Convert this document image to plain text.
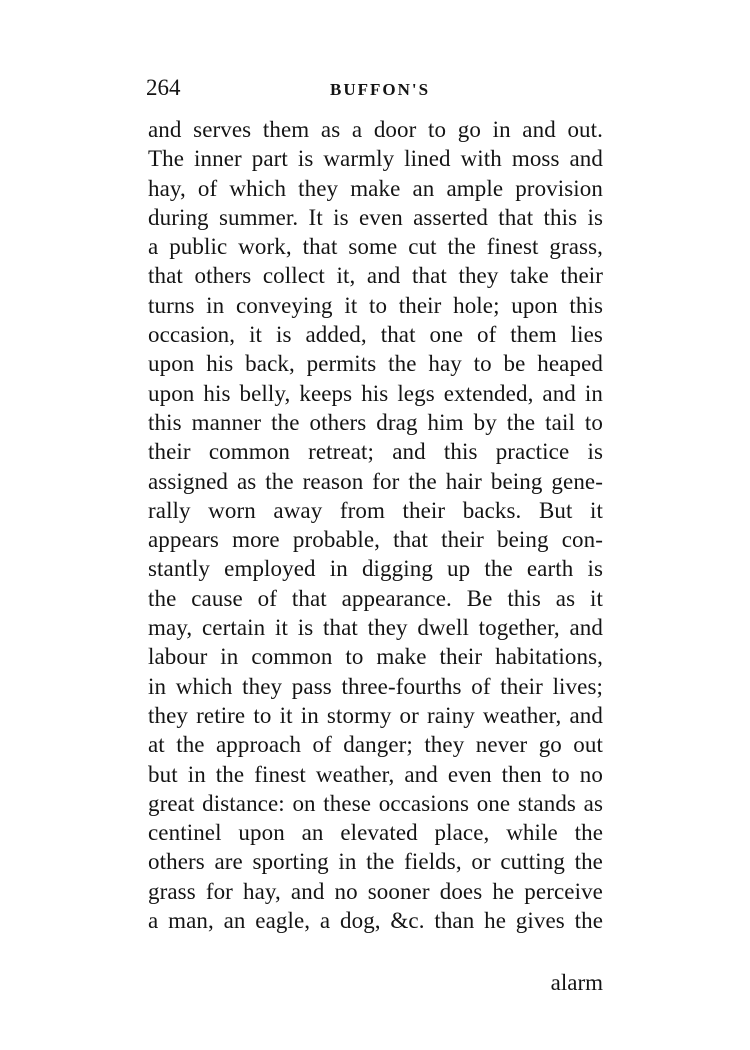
264	BUFFON'S
and serves them as a door to go in and out.
The inner part is warmly lined with moss and
hay, of which they make an ample provision
during summer. It is even asserted that this is
a public work, that some cut the finest grass,
that others collect it, and that they take their
turns in conveying it to their hole; upon this
occasion, it is added, that one of them lies
upon his back, permits the hay to be heaped
upon his belly, keeps his legs extended, and in
this manner the others drag him by the tail to
their common retreat; and this practice is
assigned as the reason for the hair being gene-
rally worn away from their backs. But it
appears more probable, that their being con-
stantly employed in digging up the earth is
the cause of that appearance. Be this as it
may, certain it is that they dwell together, and
labour in common to make their habitations,
in which they pass three-fourths of their lives;
they retire to it in stormy or rainy weather, and
at the approach of danger; they never go out
but in the finest weather, and even then to no
great distance: on these occasions one stands as
centinel upon an elevated place, while the
others are sporting in the fields, or cutting the
grass for hay, and no sooner does he perceive
a man, an eagle, a dog, &c. than he gives the
alarm
